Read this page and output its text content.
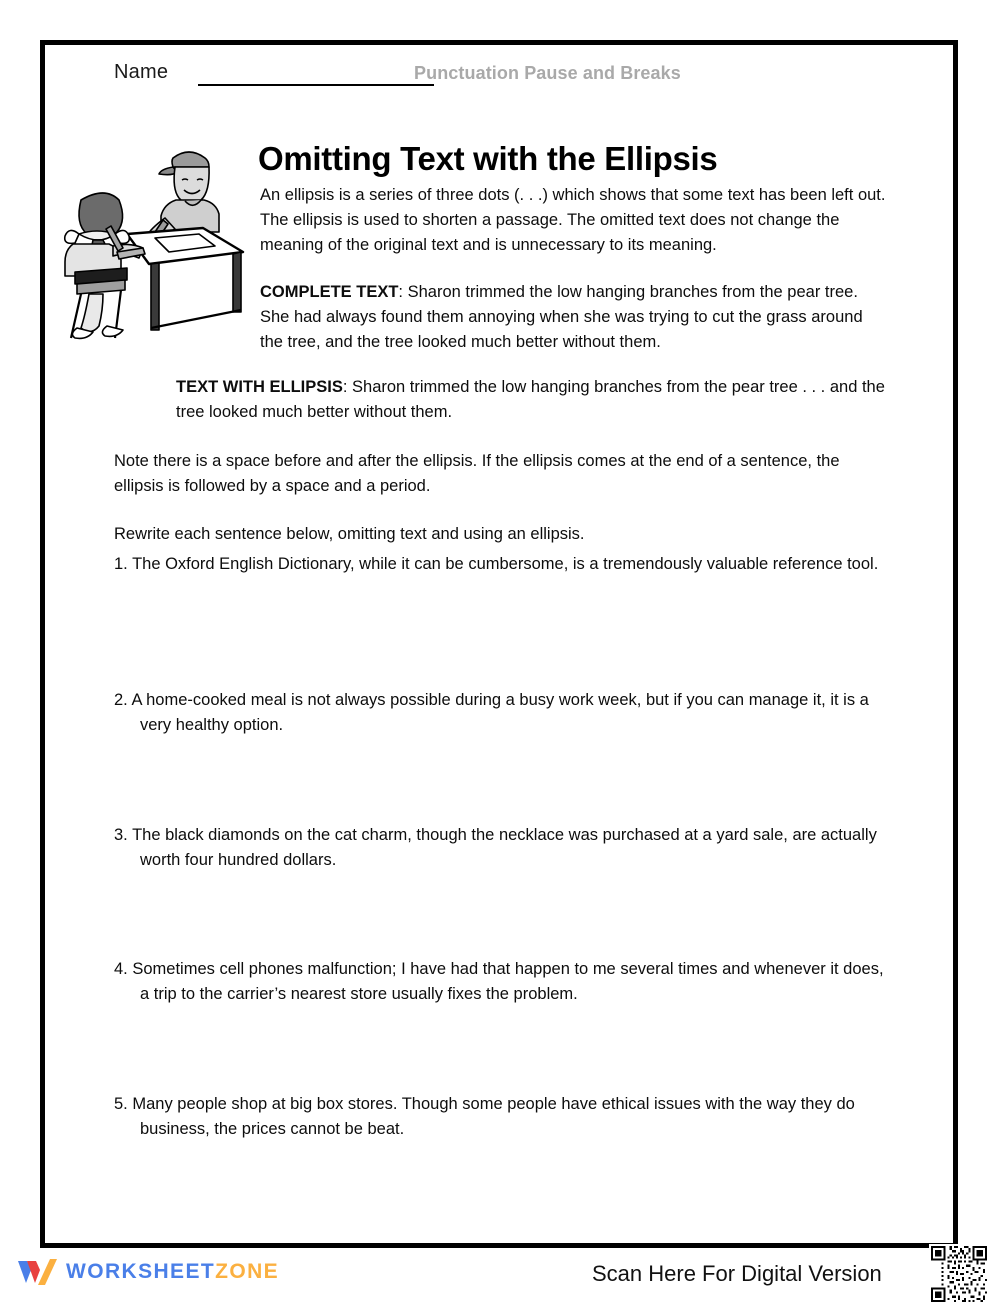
Name	Punctuation Pause and Breaks
Omitting Text with the Ellipsis

An ellipsis is a series of three dots (. . .) which shows that some text has been left out. The ellipsis is used to shorten a passage. The omitted text does not change the meaning of the original text and is unnecessary to its meaning.

COMPLETE TEXT: Sharon trimmed the low hanging branches from the pear tree. She had always found them annoying when she was trying to cut the grass around the tree, and the tree looked much better without them.

TEXT WITH ELLIPSIS: Sharon trimmed the low hanging branches from the pear tree . . . and the tree looked much better without them.

Note there is a space before and after the ellipsis. If the ellipsis comes at the end of a sentence, the ellipsis is followed by a space and a period.

Rewrite each sentence below, omitting text and using an ellipsis.

1. The Oxford English Dictionary, while it can be cumbersome, is a tremendously valuable reference tool.
2. A home-cooked meal is not always possible during a busy work week, but if you can manage it, it is a very healthy option.
3. The black diamonds on the cat charm, though the necklace was purchased at a yard sale, are actually worth four hundred dollars.
4. Sometimes cell phones malfunction; I have had that happen to me several times and whenever it does, a trip to the carrier’s nearest store usually fixes the problem.
5. Many people shop at big box stores. Though some people have ethical issues with the way they do business, the prices cannot be beat.
WORKSHEETZONE	Scan Here For Digital Version
